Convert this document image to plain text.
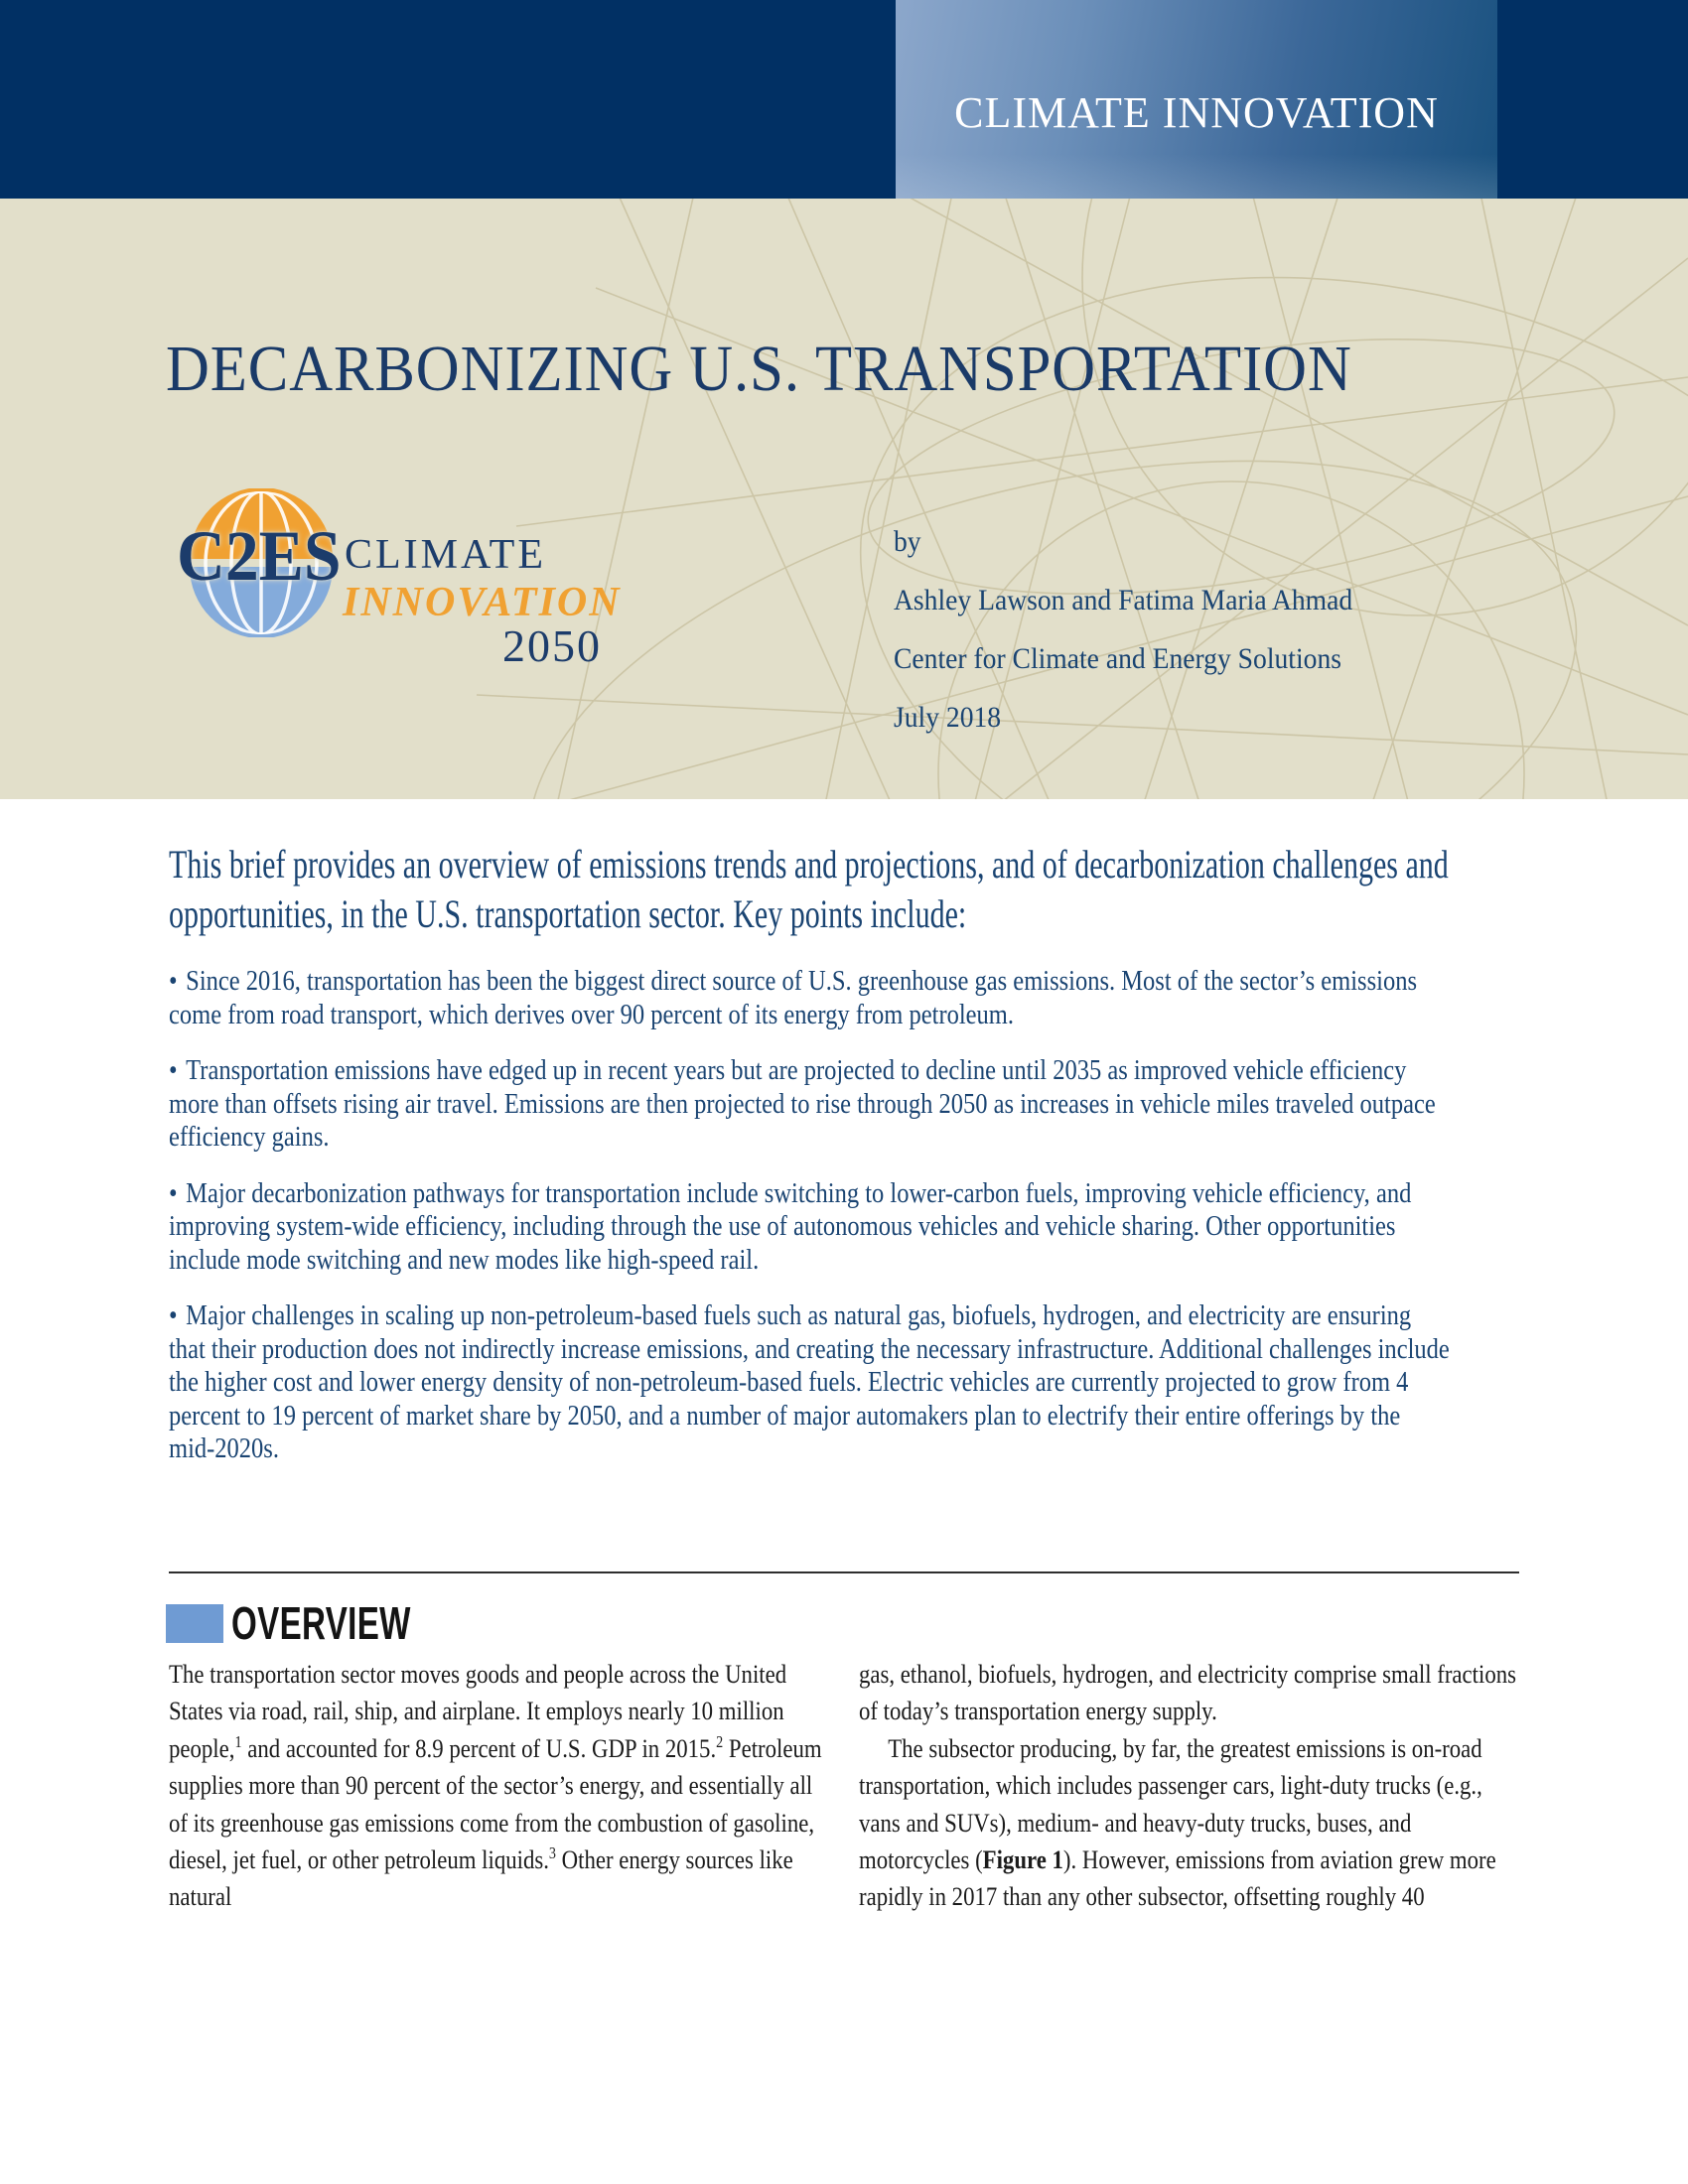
CLIMATE INNOVATION
DECARBONIZING U.S. TRANSPORTATION
C2ES CLIMATE
INNOVATION
2050
by
Ashley Lawson and Fatima Maria Ahmad
Center for Climate and Energy Solutions
July 2018
This brief provides an overview of emissions trends and projections, and of decarbonization challenges and opportunities, in the U.S. transportation sector. Key points include:

• Since 2016, transportation has been the biggest direct source of U.S. greenhouse gas emissions. Most of the sector’s emissions come from road transport, which derives over 90 percent of its energy from petroleum.

• Transportation emissions have edged up in recent years but are projected to decline until 2035 as improved vehicle efficiency more than offsets rising air travel. Emissions are then projected to rise through 2050 as increases in vehicle miles traveled outpace efficiency gains.

• Major decarbonization pathways for transportation include switching to lower-carbon fuels, improving vehicle efficiency, and improving system-wide efficiency, including through the use of autonomous vehicles and vehicle sharing. Other opportunities include mode switching and new modes like high-speed rail.

• Major challenges in scaling up non-petroleum-based fuels such as natural gas, biofuels, hydrogen, and electricity are ensuring that their production does not indirectly increase emissions, and creating the necessary infrastructure. Additional challenges include the higher cost and lower energy density of non-petroleum-based fuels. Electric vehicles are currently projected to grow from 4 percent to 19 percent of market share by 2050, and a number of major automakers plan to electrify their entire offerings by the mid-2020s.

OVERVIEW

The transportation sector moves goods and people across the United States via road, rail, ship, and airplane. It employs nearly 10 million people,$^1$ and accounted for 8.9 percent of U.S. GDP in 2015.$^2$ Petroleum supplies more than 90 percent of the sector’s energy, and essentially all of its greenhouse gas emissions come from the combustion of gasoline, diesel, jet fuel, or other petroleum liquids.$^3$ Other energy sources like natural

gas, ethanol, biofuels, hydrogen, and electricity comprise small fractions of today’s transportation energy supply.

The subsector producing, by far, the greatest emissions is on-road transportation, which includes passenger cars, light-duty trucks (e.g., vans and SUVs), medium- and heavy-duty trucks, buses, and motorcycles (Figure 1). However, emissions from aviation grew more rapidly in 2017 than any other subsector, offsetting roughly 40
